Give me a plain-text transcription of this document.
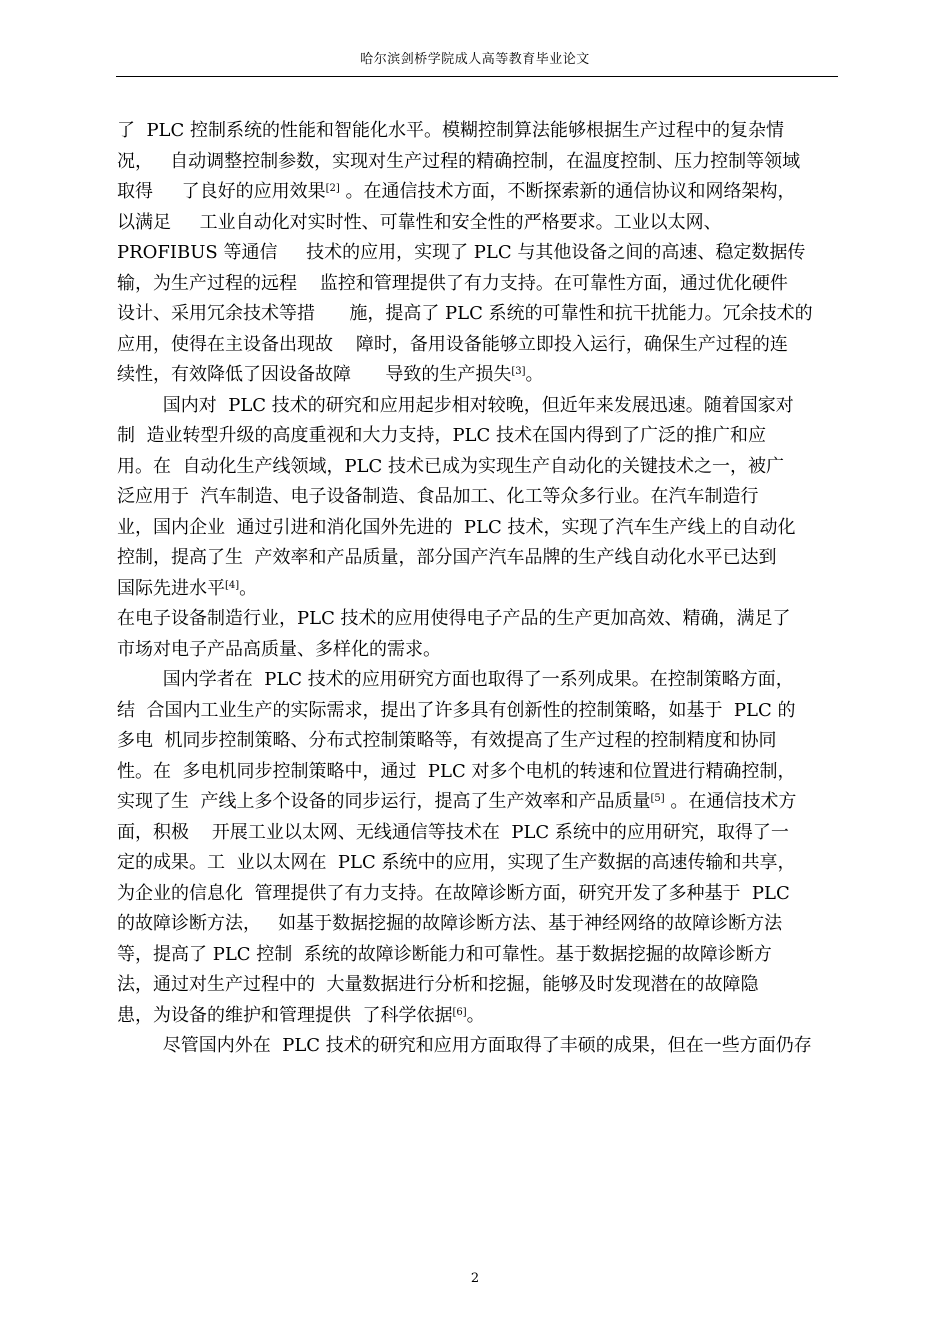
哈尔滨剑桥学院成人高等教育毕业论文
了  PLC 控制系统的性能和智能化水平。模糊控制算法能够根据生产过程中的复杂情
况，   自动调整控制参数，实现对生产过程的精确控制，在温度控制、压力控制等领域
取得     了良好的应用效果[2] 。在通信技术方面，不断探索新的通信协议和网络架构，
以满足     工业自动化对实时性、可靠性和安全性的严格要求。工业以太网、
PROFIBUS 等通信     技术的应用，实现了 PLC 与其他设备之间的高速、稳定数据传
输，为生产过程的远程    监控和管理提供了有力支持。在可靠性方面，通过优化硬件
设计、采用冗余技术等措      施，提高了 PLC 系统的可靠性和抗干扰能力。冗余技术的
应用，使得在主设备出现故    障时，备用设备能够立即投入运行，确保生产过程的连
续性，有效降低了因设备故障      导致的生产损失[3]。
国内对  PLC 技术的研究和应用起步相对较晚，但近年来发展迅速。随着国家对
制  造业转型升级的高度重视和大力支持，PLC 技术在国内得到了广泛的推广和应
用。在  自动化生产线领域，PLC 技术已成为实现生产自动化的关键技术之一，被广
泛应用于  汽车制造、电子设备制造、食品加工、化工等众多行业。在汽车制造行
业，国内企业  通过引进和消化国外先进的  PLC 技术，实现了汽车生产线上的自动化
控制，提高了生  产效率和产品质量，部分国产汽车品牌的生产线自动化水平已达到
国际先进水平[4]。
在电子设备制造行业，PLC 技术的应用使得电子产品的生产更加高效、精确，满足了
市场对电子产品高质量、多样化的需求。
国内学者在  PLC 技术的应用研究方面也取得了一系列成果。在控制策略方面，
结  合国内工业生产的实际需求，提出了许多具有创新性的控制策略，如基于  PLC 的
多电  机同步控制策略、分布式控制策略等，有效提高了生产过程的控制精度和协同
性。在  多电机同步控制策略中，通过  PLC 对多个电机的转速和位置进行精确控制，
实现了生  产线上多个设备的同步运行，提高了生产效率和产品质量[5] 。在通信技术方
面，积极    开展工业以太网、无线通信等技术在  PLC 系统中的应用研究，取得了一
定的成果。工  业以太网在  PLC 系统中的应用，实现了生产数据的高速传输和共享，
为企业的信息化  管理提供了有力支持。在故障诊断方面，研究开发了多种基于  PLC
的故障诊断方法，   如基于数据挖掘的故障诊断方法、基于神经网络的故障诊断方法
等，提高了 PLC 控制  系统的故障诊断能力和可靠性。基于数据挖掘的故障诊断方
法，通过对生产过程中的  大量数据进行分析和挖掘，能够及时发现潜在的故障隐
患，为设备的维护和管理提供  了科学依据[6]。
尽管国内外在  PLC 技术的研究和应用方面取得了丰硕的成果，但在一些方面仍存
2
